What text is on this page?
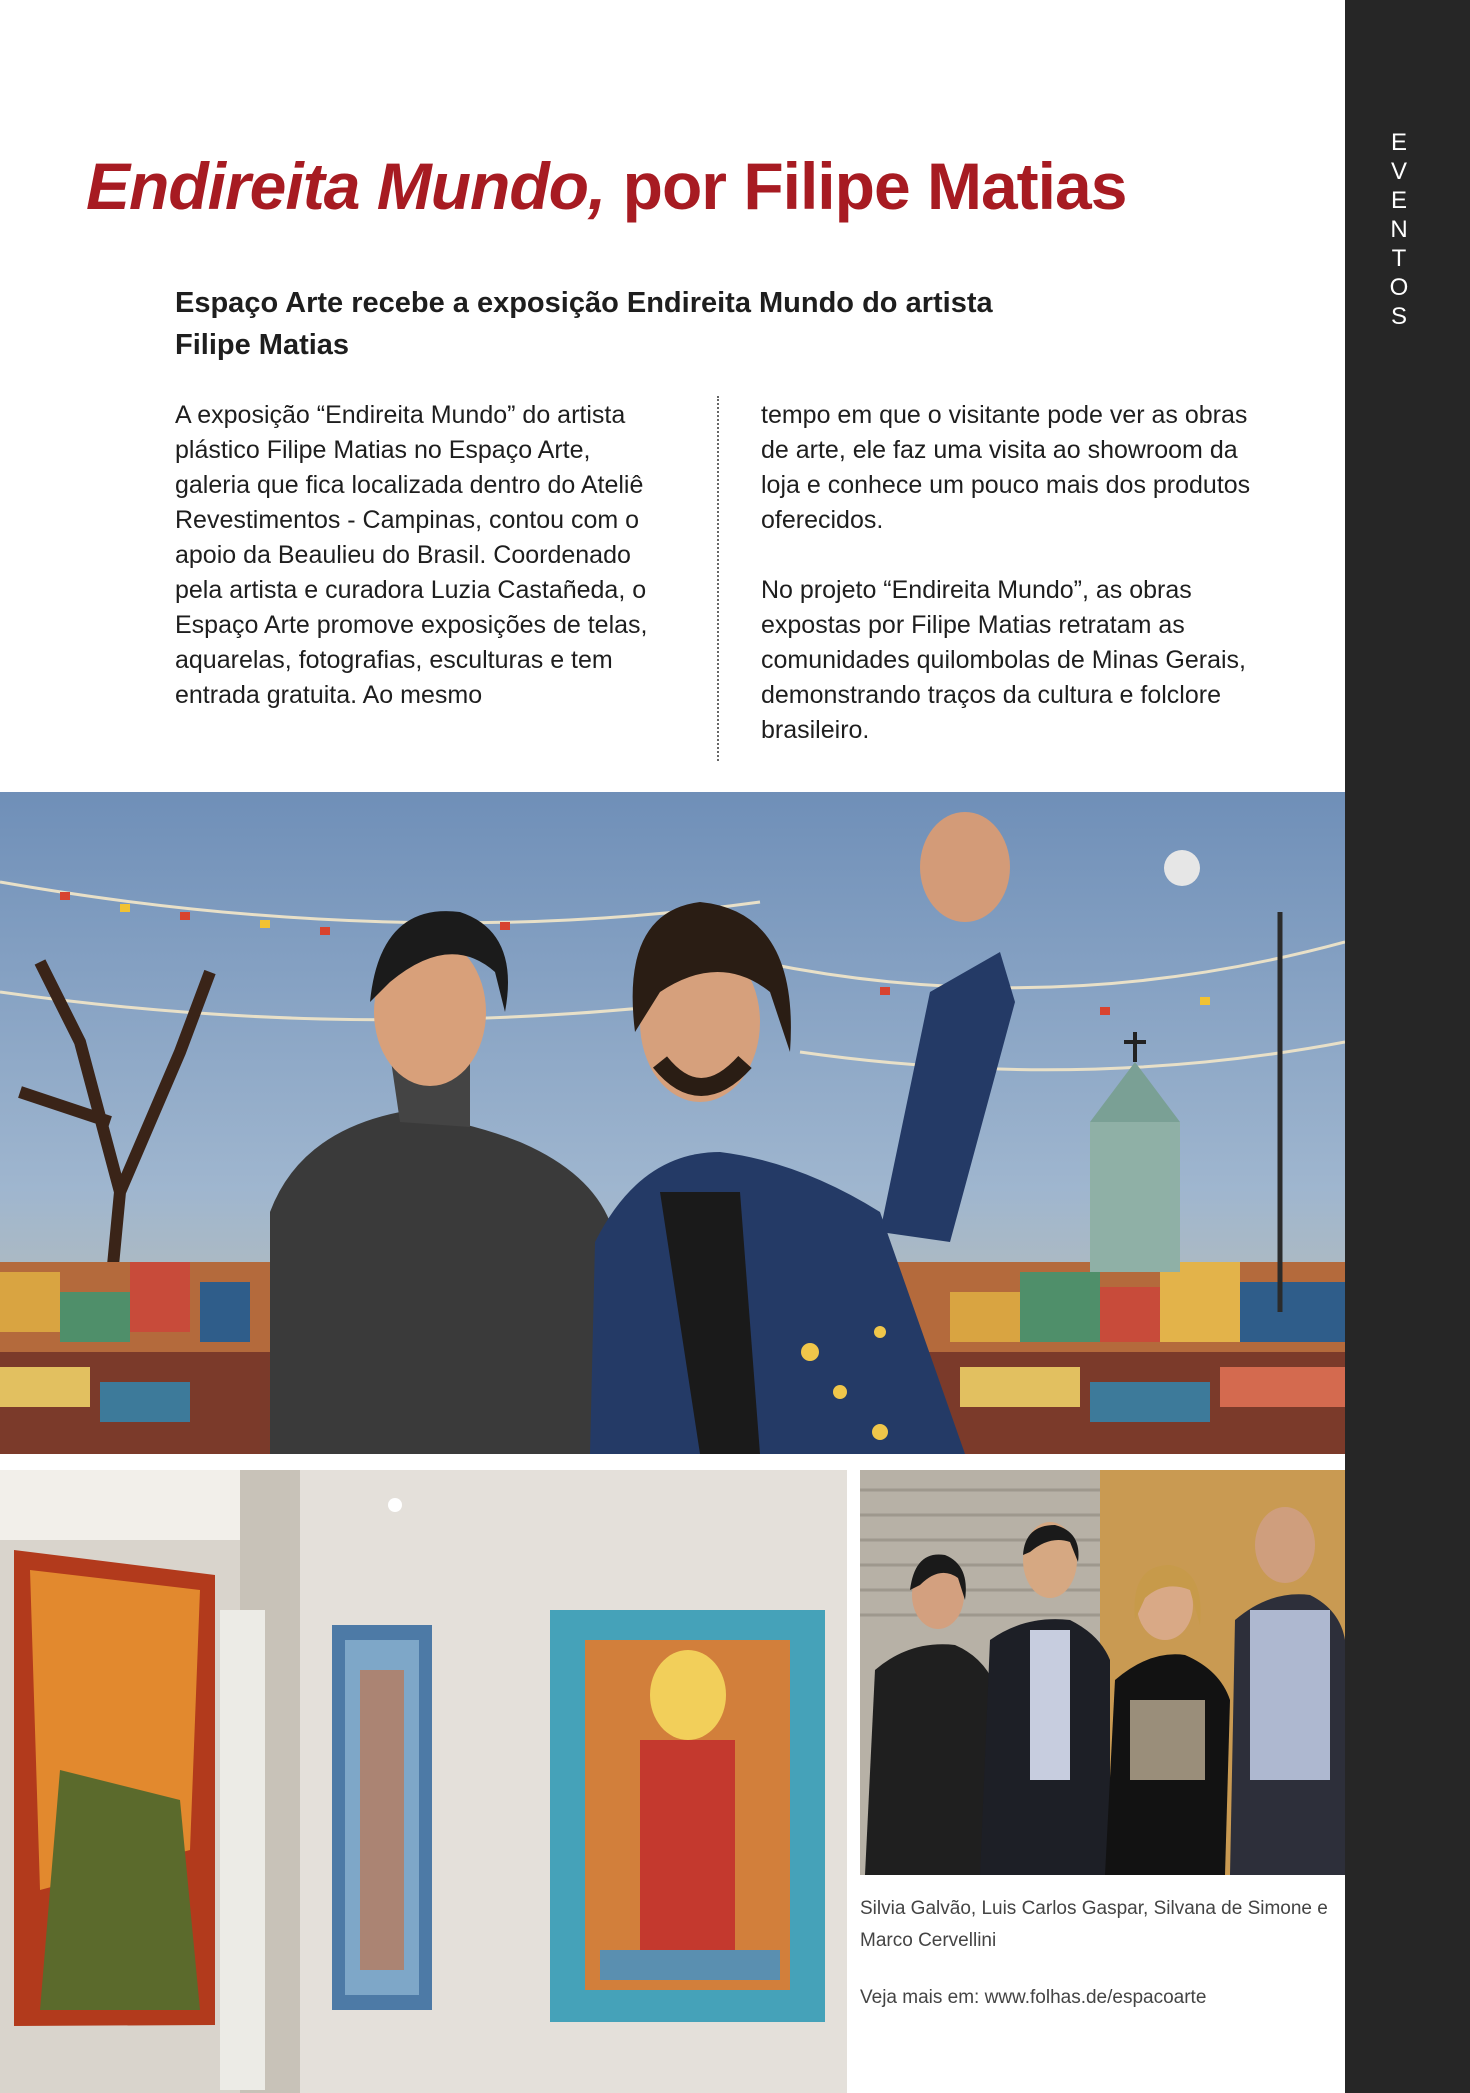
EVENTOS
Endireita Mundo, por Filipe Matias
Espaço Arte recebe a exposição Endireita Mundo do artista Filipe Matias

A exposição “Endireita Mundo” do artista plástico Filipe Matias no Espaço Arte, galeria que fica localizada dentro do Ateliê Revestimentos - Campinas, contou com o apoio da Beaulieu do Brasil. Coordenado pela artista e curadora Luzia Castañeda, o Espaço Arte promove exposições de telas, aquarelas, fotografias, esculturas e tem entrada gratuita. Ao mesmo

tempo em que o visitante pode ver as obras de arte, ele faz uma visita ao showroom da loja e conhece um pouco mais dos produtos oferecidos.

No projeto “Endireita Mundo”, as obras expostas por Filipe Matias retratam as comunidades quilombolas de Minas Gerais, demonstrando traços da cultura e folclore brasileiro.

Silvia Galvão, Luis Carlos Gaspar, Silvana de Simone e Marco Cervellini
Veja mais em: www.folhas.de/espacoarte
